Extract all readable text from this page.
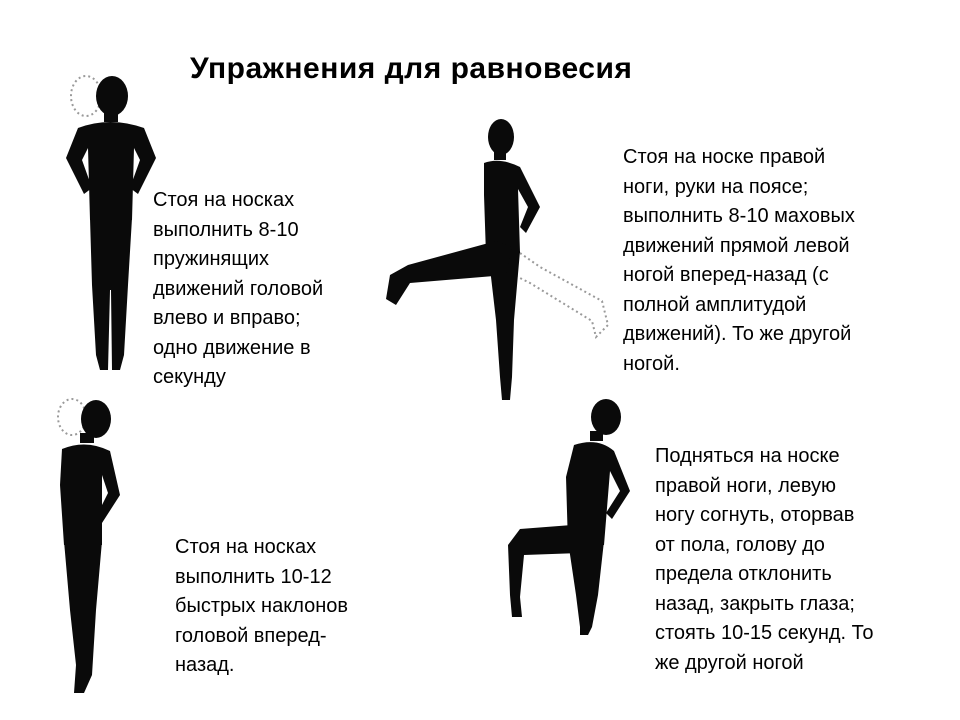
Упражнения для равновесия
Стоя на носках
выполнить 8-10
пружинящих
движений головой
влево и вправо;
одно движение в
секунду
Стоя на носке правой
ноги, руки на поясе;
выполнить 8-10 маховых
движений прямой левой
ногой вперед-назад (с
полной амплитудой
движений). То же другой
ногой.
Стоя на носках
выполнить 10-12
быстрых наклонов
головой вперед-
назад.
Подняться на носке
правой ноги, левую
ногу согнуть, оторвав
от пола, голову до
предела отклонить
назад, закрыть глаза;
стоять 10-15 секунд. То
же другой ногой
